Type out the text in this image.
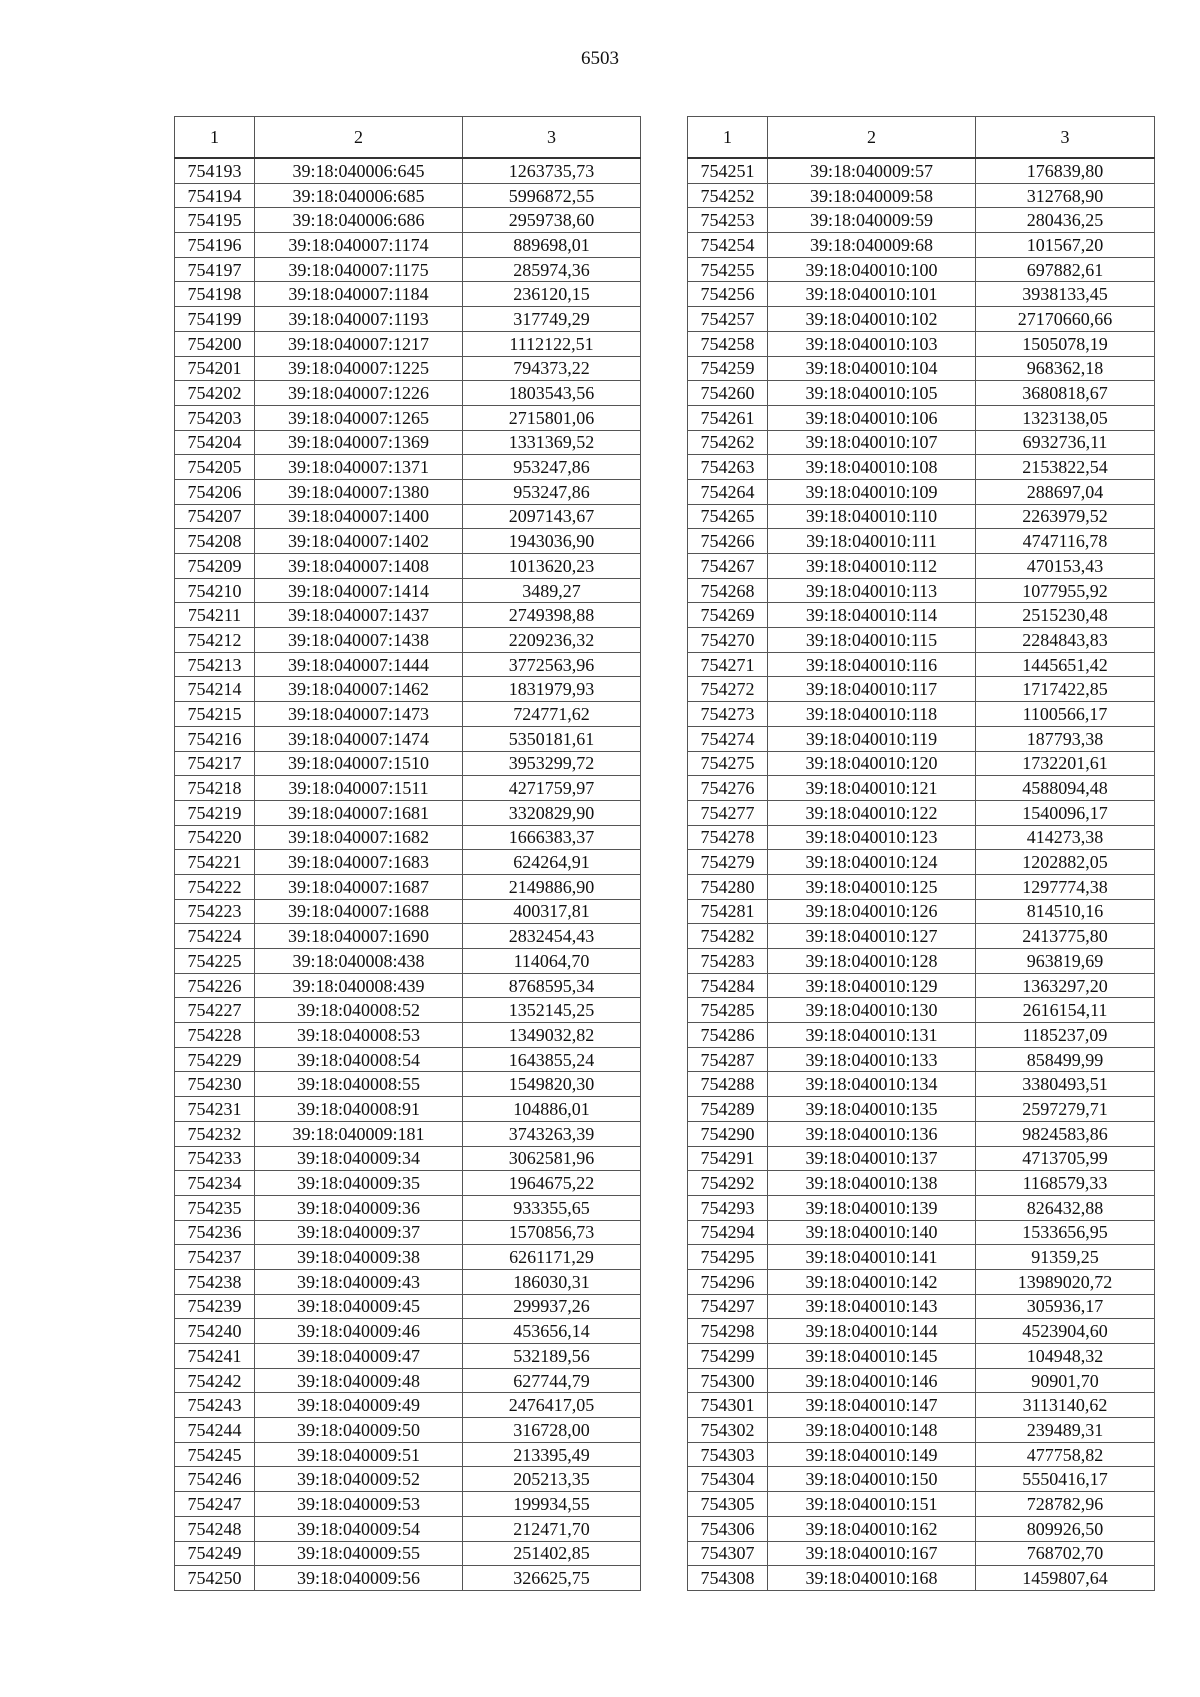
6503
1	2	3
754193	39:18:040006:645	1263735,73
754194	39:18:040006:685	5996872,55
754195	39:18:040006:686	2959738,60
754196	39:18:040007:1174	889698,01
754197	39:18:040007:1175	285974,36
754198	39:18:040007:1184	236120,15
754199	39:18:040007:1193	317749,29
754200	39:18:040007:1217	1112122,51
754201	39:18:040007:1225	794373,22
754202	39:18:040007:1226	1803543,56
754203	39:18:040007:1265	2715801,06
754204	39:18:040007:1369	1331369,52
754205	39:18:040007:1371	953247,86
754206	39:18:040007:1380	953247,86
754207	39:18:040007:1400	2097143,67
754208	39:18:040007:1402	1943036,90
754209	39:18:040007:1408	1013620,23
754210	39:18:040007:1414	3489,27
754211	39:18:040007:1437	2749398,88
754212	39:18:040007:1438	2209236,32
754213	39:18:040007:1444	3772563,96
754214	39:18:040007:1462	1831979,93
754215	39:18:040007:1473	724771,62
754216	39:18:040007:1474	5350181,61
754217	39:18:040007:1510	3953299,72
754218	39:18:040007:1511	4271759,97
754219	39:18:040007:1681	3320829,90
754220	39:18:040007:1682	1666383,37
754221	39:18:040007:1683	624264,91
754222	39:18:040007:1687	2149886,90
754223	39:18:040007:1688	400317,81
754224	39:18:040007:1690	2832454,43
754225	39:18:040008:438	114064,70
754226	39:18:040008:439	8768595,34
754227	39:18:040008:52	1352145,25
754228	39:18:040008:53	1349032,82
754229	39:18:040008:54	1643855,24
754230	39:18:040008:55	1549820,30
754231	39:18:040008:91	104886,01
754232	39:18:040009:181	3743263,39
754233	39:18:040009:34	3062581,96
754234	39:18:040009:35	1964675,22
754235	39:18:040009:36	933355,65
754236	39:18:040009:37	1570856,73
754237	39:18:040009:38	6261171,29
754238	39:18:040009:43	186030,31
754239	39:18:040009:45	299937,26
754240	39:18:040009:46	453656,14
754241	39:18:040009:47	532189,56
754242	39:18:040009:48	627744,79
754243	39:18:040009:49	2476417,05
754244	39:18:040009:50	316728,00
754245	39:18:040009:51	213395,49
754246	39:18:040009:52	205213,35
754247	39:18:040009:53	199934,55
754248	39:18:040009:54	212471,70
754249	39:18:040009:55	251402,85
754250	39:18:040009:56	326625,75
1	2	3
754251	39:18:040009:57	176839,80
754252	39:18:040009:58	312768,90
754253	39:18:040009:59	280436,25
754254	39:18:040009:68	101567,20
754255	39:18:040010:100	697882,61
754256	39:18:040010:101	3938133,45
754257	39:18:040010:102	27170660,66
754258	39:18:040010:103	1505078,19
754259	39:18:040010:104	968362,18
754260	39:18:040010:105	3680818,67
754261	39:18:040010:106	1323138,05
754262	39:18:040010:107	6932736,11
754263	39:18:040010:108	2153822,54
754264	39:18:040010:109	288697,04
754265	39:18:040010:110	2263979,52
754266	39:18:040010:111	4747116,78
754267	39:18:040010:112	470153,43
754268	39:18:040010:113	1077955,92
754269	39:18:040010:114	2515230,48
754270	39:18:040010:115	2284843,83
754271	39:18:040010:116	1445651,42
754272	39:18:040010:117	1717422,85
754273	39:18:040010:118	1100566,17
754274	39:18:040010:119	187793,38
754275	39:18:040010:120	1732201,61
754276	39:18:040010:121	4588094,48
754277	39:18:040010:122	1540096,17
754278	39:18:040010:123	414273,38
754279	39:18:040010:124	1202882,05
754280	39:18:040010:125	1297774,38
754281	39:18:040010:126	814510,16
754282	39:18:040010:127	2413775,80
754283	39:18:040010:128	963819,69
754284	39:18:040010:129	1363297,20
754285	39:18:040010:130	2616154,11
754286	39:18:040010:131	1185237,09
754287	39:18:040010:133	858499,99
754288	39:18:040010:134	3380493,51
754289	39:18:040010:135	2597279,71
754290	39:18:040010:136	9824583,86
754291	39:18:040010:137	4713705,99
754292	39:18:040010:138	1168579,33
754293	39:18:040010:139	826432,88
754294	39:18:040010:140	1533656,95
754295	39:18:040010:141	91359,25
754296	39:18:040010:142	13989020,72
754297	39:18:040010:143	305936,17
754298	39:18:040010:144	4523904,60
754299	39:18:040010:145	104948,32
754300	39:18:040010:146	90901,70
754301	39:18:040010:147	3113140,62
754302	39:18:040010:148	239489,31
754303	39:18:040010:149	477758,82
754304	39:18:040010:150	5550416,17
754305	39:18:040010:151	728782,96
754306	39:18:040010:162	809926,50
754307	39:18:040010:167	768702,70
754308	39:18:040010:168	1459807,64
